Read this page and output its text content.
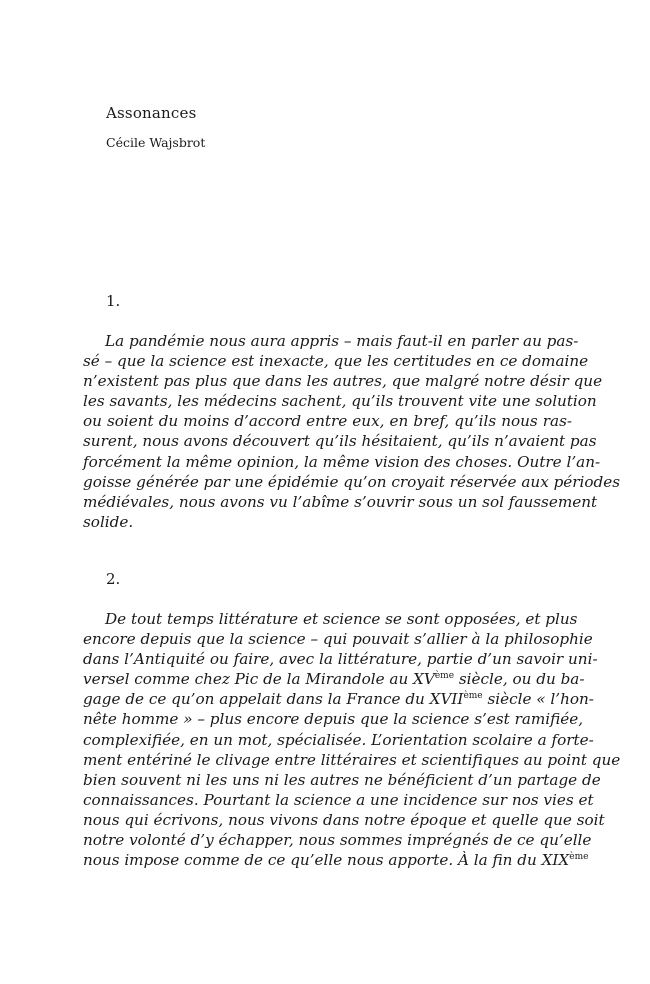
Assonances
Cécile Wajsbrot
1.
La pandémie nous aura appris – mais faut-il en parler au pas-
sé – que la science est inexacte, que les certitudes en ce domaine
n’existent pas plus que dans les autres, que malgré notre désir que
les savants, les médecins sachent, qu’ils trouvent vite une solution
ou soient du moins d’accord entre eux, en bref, qu’ils nous ras-
surent, nous avons découvert qu’ils hésitaient, qu’ils n’avaient pas
forcément la même opinion, la même vision des choses. Outre l’an-
goisse générée par une épidémie qu’on croyait réservée aux périodes
médiévales, nous avons vu l’abîme s’ouvrir sous un sol faussement
solide.
2.
De tout temps littérature et science se sont opposées, et plus
encore depuis que la science – qui pouvait s’allier à la philosophie
dans l’Antiquité ou faire, avec la littérature, partie d’un savoir uni-
versel comme chez Pic de la Mirandole au XVème siècle, ou du ba-
gage de ce qu’on appelait dans la France du XVIIème siècle « l’hon-
nête homme » – plus encore depuis que la science s’est ramifiée,
complexifiée, en un mot, spécialisée. L’orientation scolaire a forte-
ment entériné le clivage entre littéraires et scientifiques au point que
bien souvent ni les uns ni les autres ne bénéficient d’un partage de
connaissances. Pourtant la science a une incidence sur nos vies et
nous qui écrivons, nous vivons dans notre époque et quelle que soit
notre volonté d’y échapper, nous sommes imprégnés de ce qu’elle
nous impose comme de ce qu’elle nous apporte. À la fin du XIXème
